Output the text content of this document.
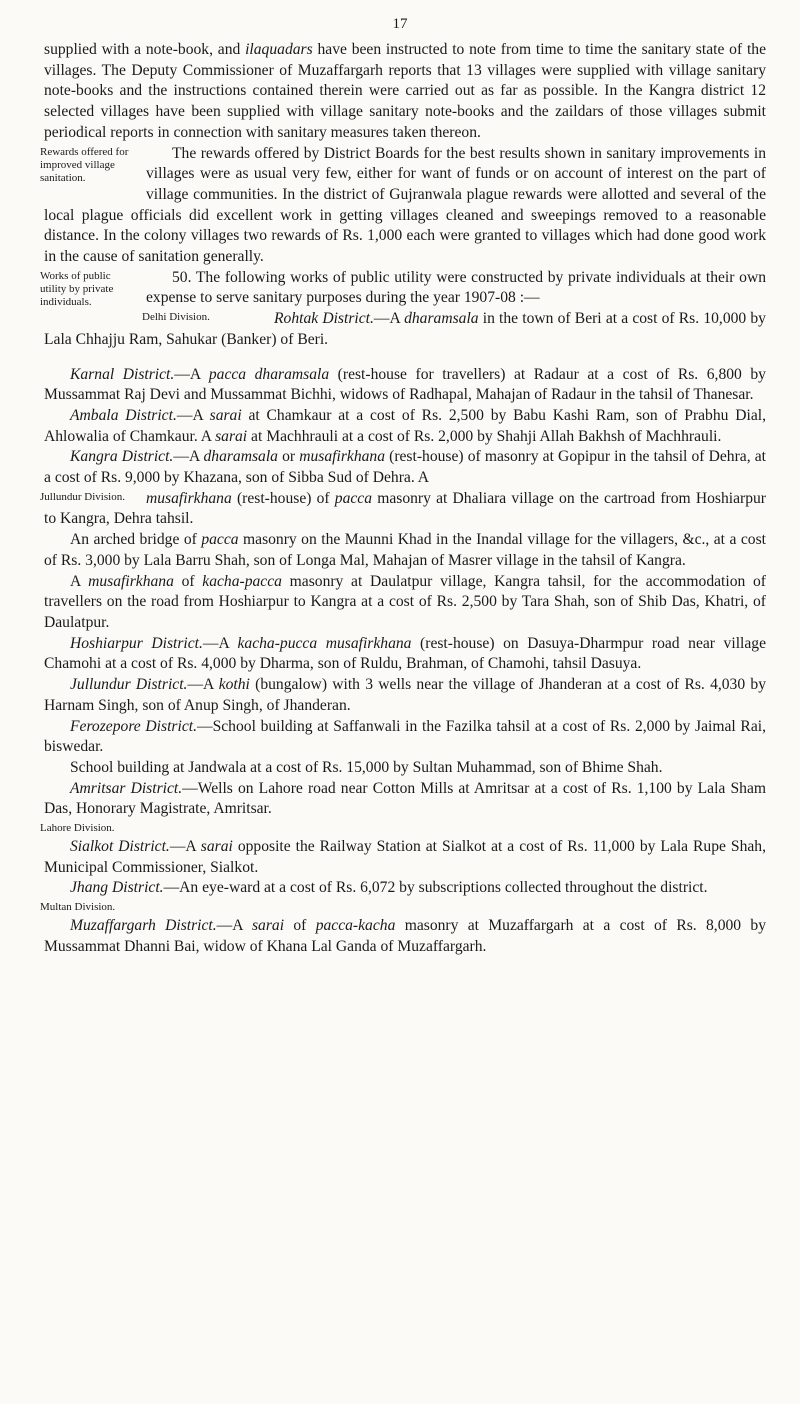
17

supplied with a note-book, and ilaquadars have been instructed to note from time to time the sanitary state of the villages. The Deputy Commissioner of Muzaffargarh reports that 13 villages were supplied with village sanitary note-books and the instructions contained therein were carried out as far as possible. In the Kangra district 12 selected villages have been supplied with village sanitary note-books and the zaildars of those villages submit periodical reports in connection with sanitary measures taken thereon.

Rewards offered for improved village sanitation.
The rewards offered by District Boards for the best results shown in sanitary improvements in villages were as usual very few, either for want of funds or on account of interest on the part of village communities. In the district of Gujranwala plague rewards were allotted and several of the local plague officials did excellent work in getting villages cleaned and sweepings removed to a reasonable distance. In the colony villages two rewards of Rs. 1,000 each were granted to villages which had done good work in the cause of sanitation generally.

Works of public utility by private individuals.
50. The following works of public utility were constructed by private individuals at their own expense to serve sanitary purposes during the year 1907-08 :—

Delhi Division.	Rohtak District.—A dharamsala in the town of Beri at a cost of Rs. 10,000 by Lala Chhajju Ram, Sahukar (Banker) of Beri.

Karnal District.—A pacca dharamsala (rest-house for travellers) at Radaur at a cost of Rs. 6,800 by Mussammat Raj Devi and Mussammat Bichhi, widows of Radhapal, Mahajan of Radaur in the tahsil of Thanesar.

Ambala District.—A sarai at Chamkaur at a cost of Rs. 2,500 by Babu Kashi Ram, son of Prabhu Dial, Ahlowalia of Chamkaur. A sarai at Machhrauli at a cost of Rs. 2,000 by Shahji Allah Bakhsh of Machhrauli.

Kangra District.—A dharamsala or musafirkhana (rest-house) of masonry at Gopipur in the tahsil of Dehra, at a cost of Rs. 9,000 by Khazana, son of Sibba Sud of Dehra. A

Jullundur Division.	musafirkhana (rest-house) of pacca masonry at Dhaliara village on the cartroad from Hoshiarpur to Kangra, Dehra tahsil.

An arched bridge of pacca masonry on the Maunni Khad in the Inandal village for the villagers, &c., at a cost of Rs. 3,000 by Lala Barru Shah, son of Longa Mal, Mahajan of Masrer village in the tahsil of Kangra.

A musafirkhana of kacha-pacca masonry at Daulatpur village, Kangra tahsil, for the accommodation of travellers on the road from Hoshiarpur to Kangra at a cost of Rs. 2,500 by Tara Shah, son of Shib Das, Khatri, of Daulatpur.

Hoshiarpur District.—A kacha-pucca musafirkhana (rest-house) on Dasuya-Dharmpur road near village Chamohi at a cost of Rs. 4,000 by Dharma, son of Ruldu, Brahman, of Chamohi, tahsil Dasuya.

Jullundur District.—A kothi (bungalow) with 3 wells near the village of Jhanderan at a cost of Rs. 4,030 by Harnam Singh, son of Anup Singh, of Jhanderan.

Ferozepore District.—School building at Saffanwali in the Fazilka tahsil at a cost of Rs. 2,000 by Jaimal Rai, biswedar.

School building at Jandwala at a cost of Rs. 15,000 by Sultan Muhammad, son of Bhime Shah.

Amritsar District.—Wells on Lahore road near Cotton Mills at Amritsar at a cost of Rs. 1,100 by Lala Sham Das, Honorary Magistrate, Amritsar.

Lahore Division.

Sialkot District.—A sarai opposite the Railway Station at Sialkot at a cost of Rs. 11,000 by Lala Rupe Shah, Municipal Commissioner, Sialkot.

Jhang District.—An eye-ward at a cost of Rs. 6,072 by subscriptions collected throughout the district.

Multan Division.

Muzaffargarh District.—A sarai of pacca-kacha masonry at Muzaffargarh at a cost of Rs. 8,000 by Mussammat Dhanni Bai, widow of Khana Lal Ganda of Muzaffargarh.
